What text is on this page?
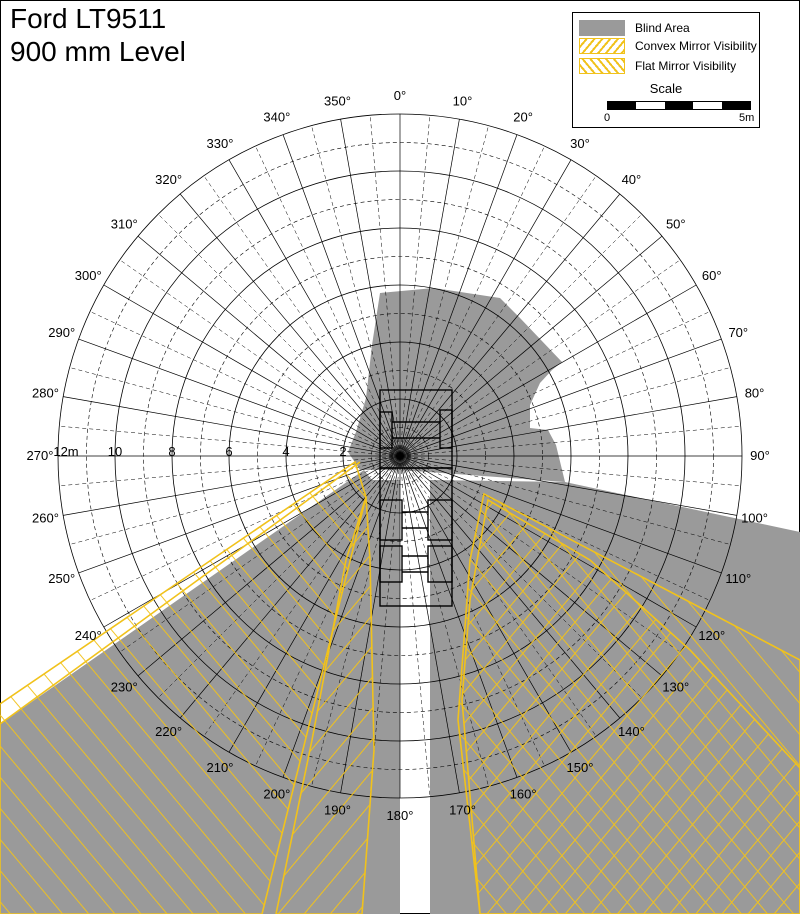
0°	10°
20°
30°
40°
50°
60°
70°
80°
90°
100°
110°
120°
130°
140°
150°
160°
170°
180°
190°
200°
210°
220°
230°
240°
250°
260°
270°
280°
290°
300°
310°
320°
330°
340°
350°
12m 10	8	6	4	2
Ford LT9511
900 mm Level
Blind Area
Convex Mirror Visibility
Flat Mirror Visibility
Scale
0	5m
